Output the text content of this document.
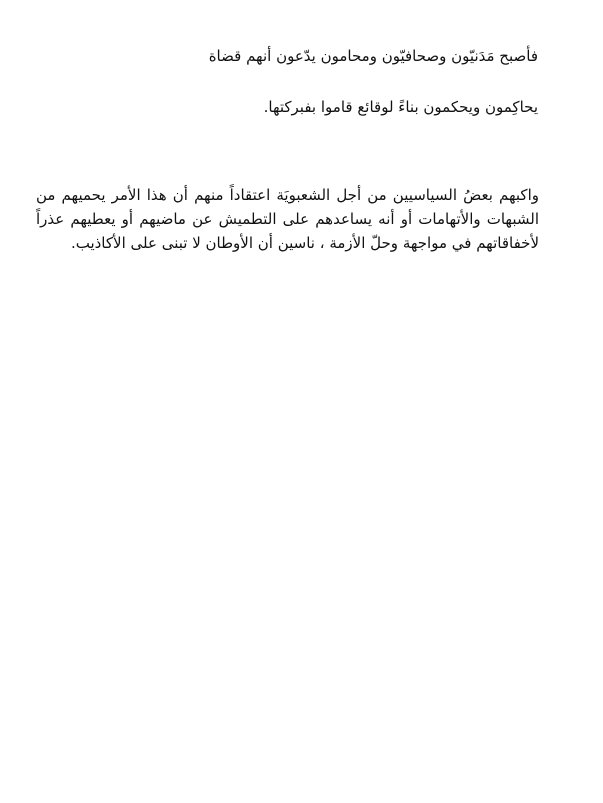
فأصبح مَدَنيّون وصحافيّون ومحامون يدّعون أنهم قضاة
يحاكِمون ويحكمون بناءً لوقائع قاموا بفبركتها.
واكبهم بعضُ السياسيين من أجل الشعبويَة اعتقاداً منهم أن هذا الأمر يحميهم من الشبهات والأتهامات أو أنه يساعدهم على التطميش عن ماضيهم أو يعطيهم عذراً لأخفاقاتهم في مواجهة وحلّ الأزمة ، ناسين أن الأوطان لا تبنى على الأكاذيب.
